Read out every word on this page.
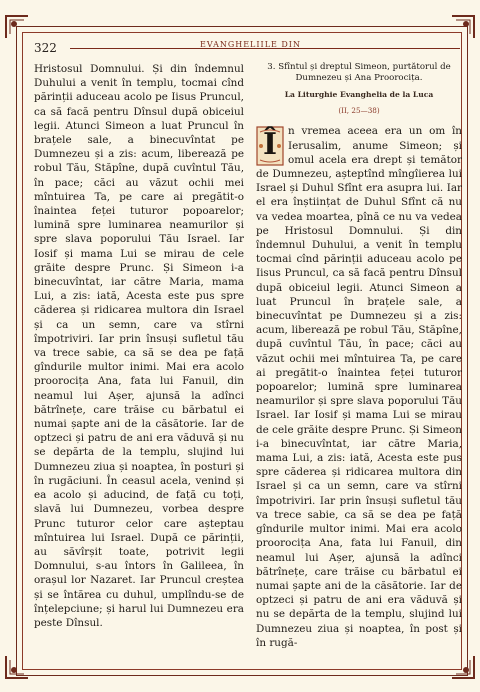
322	EVANGHELIILE DIN

Hristosul Domnului. Și din îndemnul Duhului a venit în templu, tocmai cînd părinții aduceau acolo pe Iisus Pruncul, ca să facă pentru Dînsul după obiceiul legii. Atunci Simeon a luat Pruncul în brațele sale, a binecuvîntat pe Dumnezeu și a zis: acum, liberează pe robul Tău, Stăpîne, după cuvîntul Tău, în pace; căci au văzut ochii mei mîntuirea Ta, pe care ai pregătit-o înaintea feței tuturor popoarelor; lumină spre luminarea neamurilor și spre slava poporului Tău Israel. Iar Iosif și mama Lui se mirau de cele grăite despre Prunc. Și Simeon i-a binecuvîntat, iar către Maria, mama Lui, a zis: iată, Acesta este pus spre căderea și ridicarea multora din Israel și ca un semn, care va stîrni împotriviri. Iar prin însuși sufletul tău va trece sabie, ca să se dea pe față gîndurile multor inimi. Mai era acolo proorocița Ana, fata lui Fanuil, din neamul lui Așer, ajunsă la adînci bătrînețe, care trăise cu bărbatul ei numai șapte ani de la căsătorie. Iar de optzeci și patru de ani era văduvă și nu se depărta de la templu, slujind lui Dumnezeu ziua și noaptea, în posturi și în rugăciuni. În ceasul acela, venind și ea acolo și aducind, de față cu toți, slavă lui Dumnezeu, vorbea despre Prunc tuturor celor care așteptau mîntuirea lui Israel. După ce părinții, au săvîrșit toate, potrivit legii Domnului, s-au întors în Galileea, în orașul lor Nazaret. Iar Pruncul creștea și se întărea cu duhul, umplîndu-se de înțelepciune; și harul lui Dumnezeu era peste Dînsul.

3. Sfîntul și dreptul Simeon, purtătorul de Dumnezeu și Ana Proorocița.

La Liturghie Evanghelia de la Luca

(II, 25—38)

Î	n vremea aceea era un om în Ierusalim, anume Simeon; și omul acela era drept și temător de Dumnezeu, așteptînd mîngîierea lui Israel și Duhul Sfînt era asupra lui. Iar el era înștiințat de Duhul Sfînt că nu va vedea moartea, pînă ce nu va vedea pe Hristosul Domnului. Și din îndemnul Duhului, a venit în templu tocmai cînd părinții aduceau acolo pe Iisus Pruncul, ca să facă pentru Dînsul după obiceiul legii. Atunci Simeon a luat Pruncul în brațele sale, a binecuvîntat pe Dumnezeu și a zis: acum, liberează pe robul Tău, Stăpîne, după cuvîntul Tău, în pace; căci au văzut ochii mei mîntuirea Ta, pe care ai pregătit-o înaintea feței tuturor popoarelor; lumină spre luminarea neamurilor și spre slava poporului Tău Israel. Iar Iosif și mama Lui se mirau de cele grăite despre Prunc. Și Simeon i-a binecuvîntat, iar către Maria, mama Lui, a zis: iată, Acesta este pus spre căderea și ridicarea multora din Israel și ca un semn, care va stîrni împotriviri. Iar prin însuși sufletul tău va trece sabie, ca să se dea pe față gîndurile multor inimi. Mai era acolo proorocița Ana, fata lui Fanuil, din neamul lui Așer, ajunsă la adînci bătrînețe, care trăise cu bărbatul ei numai șapte ani de la căsătorie. Iar de optzeci și patru de ani era văduvă și nu se depărta de la templu, slujind lui Dumnezeu ziua și noaptea, în post și în rugă-
